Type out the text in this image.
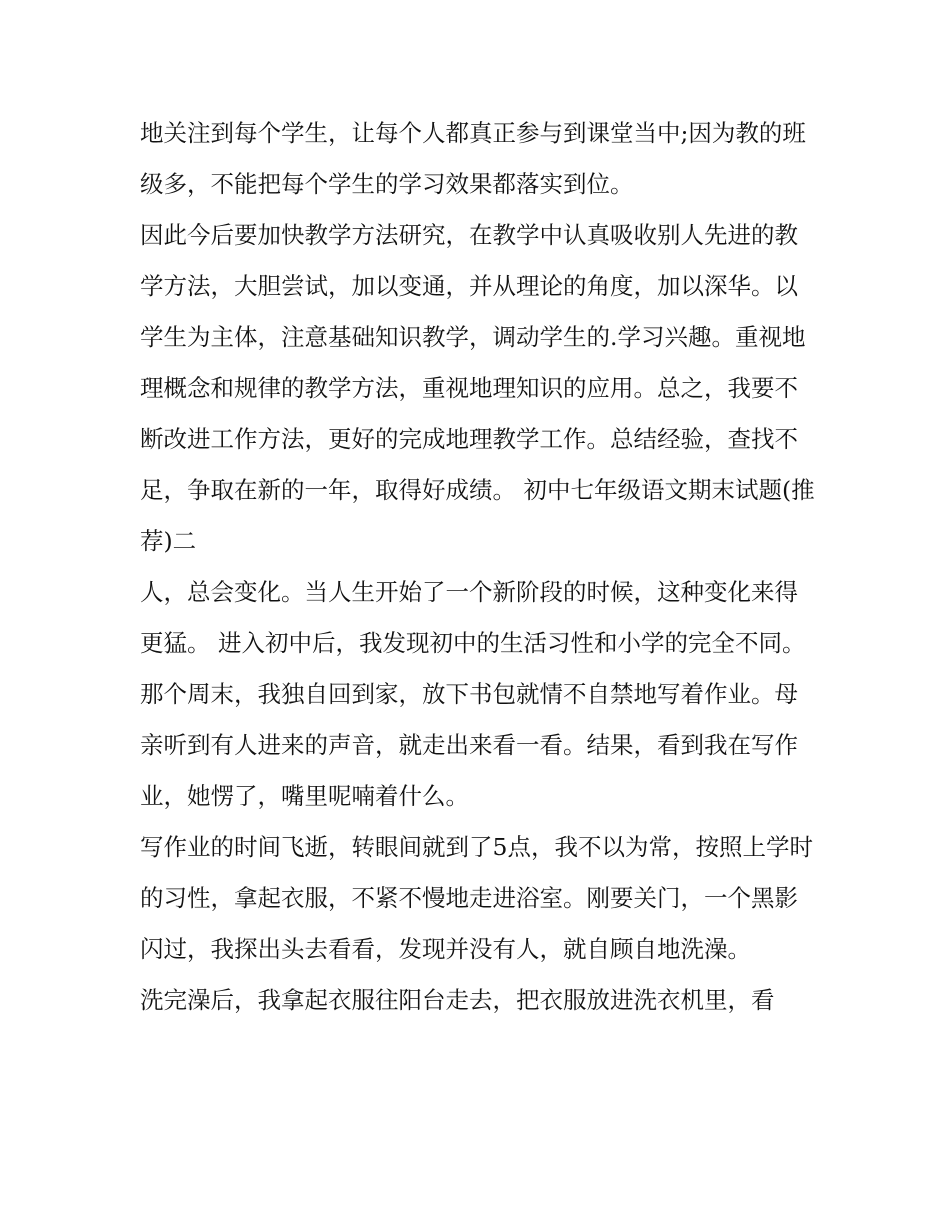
地关注到每个学生，让每个人都真正参与到课堂当中;因为教的班级多，不能把每个学生的学习效果都落实到位。

因此今后要加快教学方法研究，在教学中认真吸收别人先进的教学方法，大胆尝试，加以变通，并从理论的角度，加以深华。以学生为主体，注意基础知识教学，调动学生的.学习兴趣。重视地理概念和规律的教学方法，重视地理知识的应用。总之，我要不断改进工作方法，更好的完成地理教学工作。总结经验，查找不足，争取在新的一年，取得好成绩。 初中七年级语文期末试题(推荐)二

人，总会变化。当人生开始了一个新阶段的时候，这种变化来得更猛。 进入初中后，我发现初中的生活习性和小学的完全不同。

那个周末，我独自回到家，放下书包就情不自禁地写着作业。母亲听到有人进来的声音，就走出来看一看。结果，看到我在写作业，她愣了，嘴里呢喃着什么。

写作业的时间飞逝，转眼间就到了5点，我不以为常，按照上学时的习性，拿起衣服，不紧不慢地走进浴室。刚要关门，一个黑影闪过，我探出头去看看，发现并没有人，就自顾自地洗澡。

洗完澡后，我拿起衣服往阳台走去，把衣服放进洗衣机里，看
